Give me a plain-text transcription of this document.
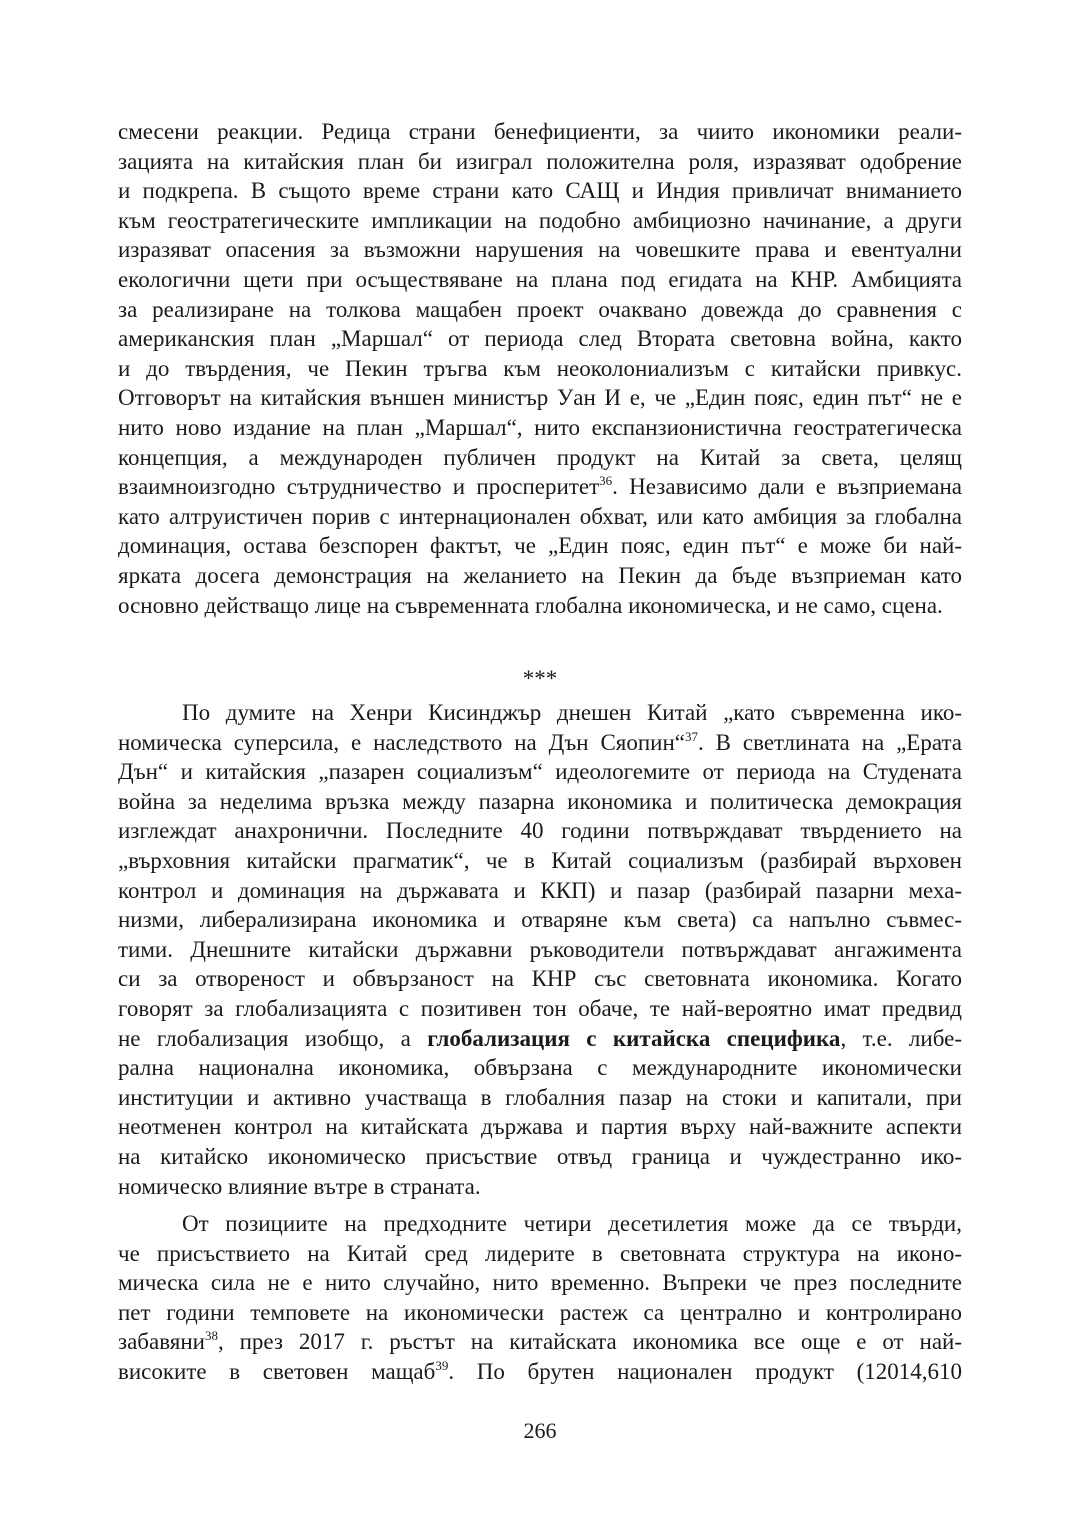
смесени реакции. Редица страни бенефициенти, за чиито икономики реали-
зацията на китайския план би изиграл положителна роля, изразяват одобрение
и подкрепа. В същото време страни като САЩ и Индия привличат вниманието
към геостратегическите импликации на подобно амбициозно начинание, а други
изразяват опасения за възможни нарушения на човешките права и евентуални
екологични щети при осъществяване на плана под егидата на КНР. Амбицията
за реализиране на толкова мащабен проект очаквано довежда до сравнения с
американския план „Маршал“ от периода след Втората световна война, както
и до твърдения, че Пекин тръгва към неоколониализъм с китайски привкус.
Отговорът на китайския външен министър Уан И е, че „Един пояс, един път“ не е
нито ново издание на план „Маршал“, нито експанзионистична геостратегическа
концепция, а международен публичен продукт на Китай за света, целящ
взаимноизгодно сътрудничество и просперитет$^{36}$. Независимо дали е възприемана
като алтруистичен порив с интернационален обхват, или като амбиция за глобална
доминация, остава безспорен фактът, че „Един пояс, един път“ е може би най-
ярката досега демонстрация на желанието на Пекин да бъде възприеман като
основно действащо лице на съвременната глобална икономическа, и не само, сцена.
***
По думите на Хенри Кисинджър днешен Китай „като съвременна ико-
номическа суперсила, е наследството на Дън Сяопин“$^{37}$. В светлината на „Ерата
Дън“ и китайския „пазарен социализъм“ идеологемите от периода на Студената
война за неделима връзка между пазарна икономика и политическа демокрация
изглеждат анахронични. Последните 40 години потвърждават твърдението на
„върховния китайски прагматик“, че в Китай социализъм (разбирай върховен
контрол и доминация на държавата и ККП) и пазар (разбирай пазарни меха-
низми, либерализирана икономика и отваряне към света) са напълно съвмес-
тими. Днешните китайски държавни ръководители потвърждават ангажимента
си за отвореност и обвързаност на КНР със световната икономика. Когато
говорят за глобализацията с позитивен тон обаче, те най-вероятно имат предвид
не глобализация изобщо, а глобализация с китайска специфика, т.е. либе-
рална национална икономика, обвързана с международните икономически
институции и активно участваща в глобалния пазар на стоки и капитали, при
неотменен контрол на китайската държава и партия върху най-важните аспекти
на китайско икономическо присъствие отвъд граница и чуждестранно ико-
номическо влияние вътре в страната.
От позициите на предходните четири десетилетия може да се твърди,
че присъствието на Китай сред лидерите в световната структура на иконо-
мическа сила не е нито случайно, нито временно. Въпреки че през последните
пет години темповете на икономически растеж са централно и контролирано
забавяни$^{38}$, през 2017 г. ръстът на китайската икономика все още е от най-
високите в световен мащаб$^{39}$. По брутен национален продукт (12014,610
266
